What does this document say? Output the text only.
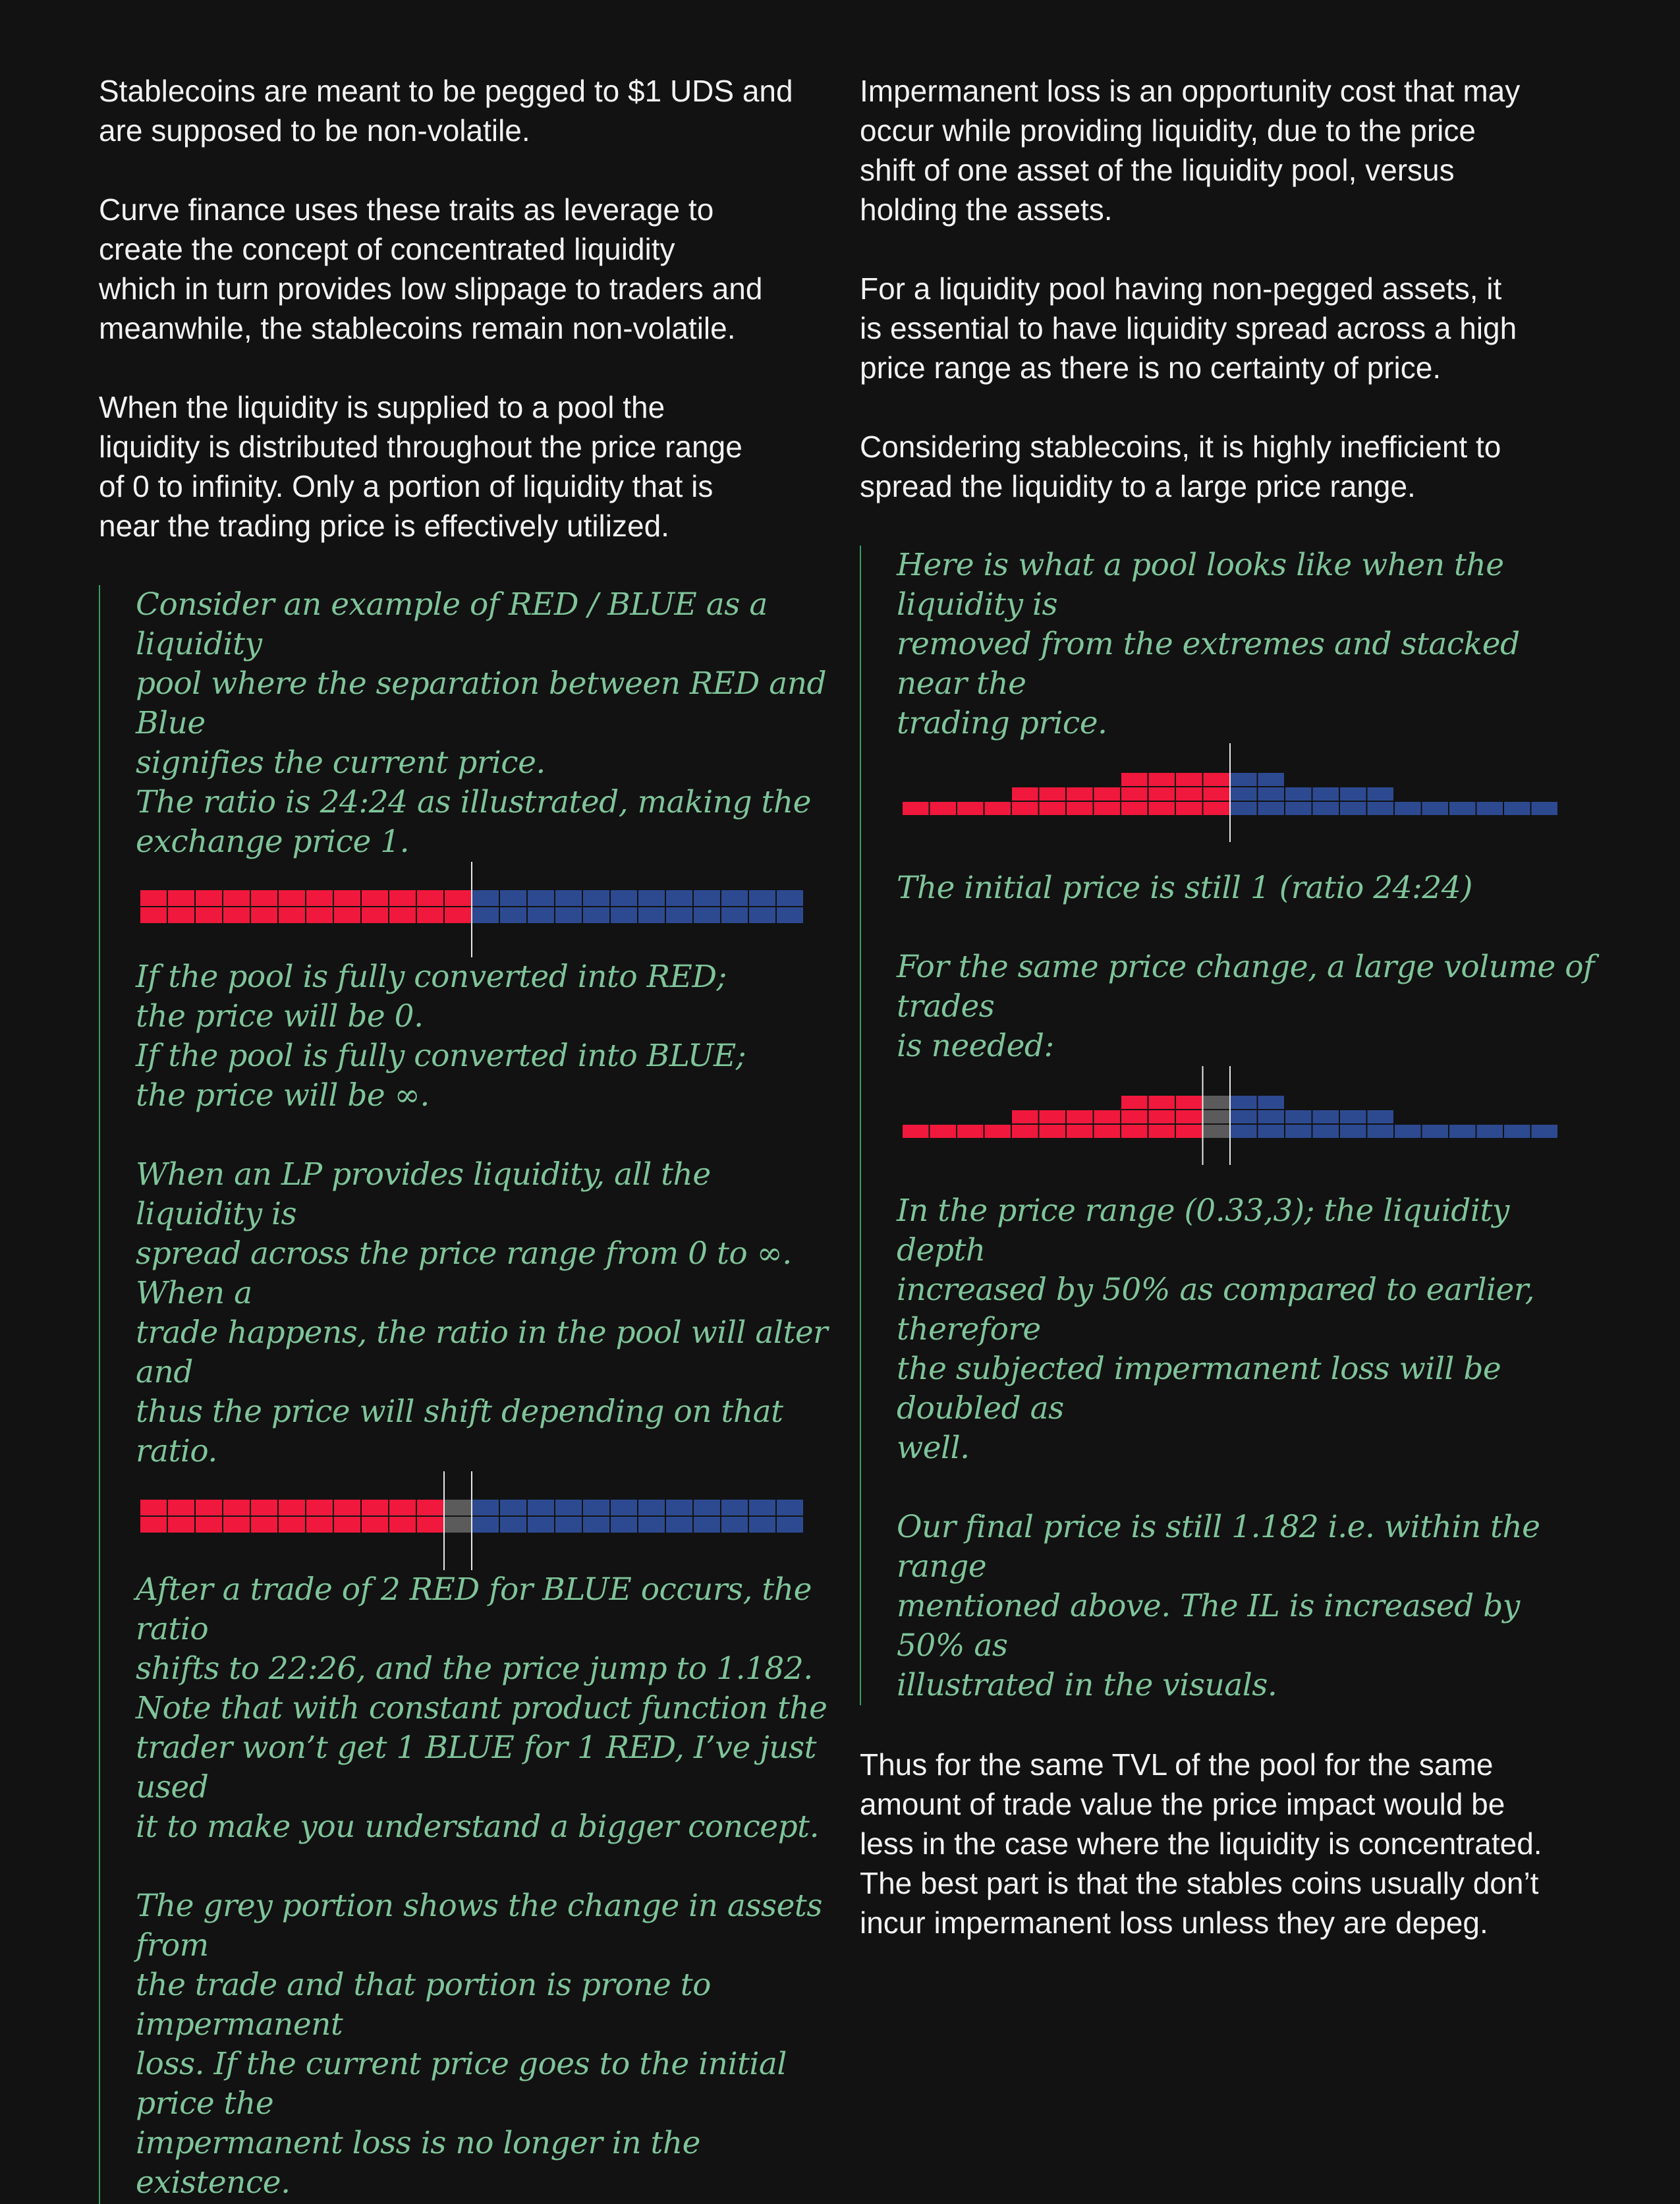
Stablecoins are meant to be pegged to $1 UDS and
are supposed to be non-volatile.

Curve finance uses these traits as leverage to
create the concept of concentrated liquidity
which in turn provides low slippage to traders and
meanwhile, the stablecoins remain non-volatile.

When the liquidity is supplied to a pool the
liquidity is distributed throughout the price range
of 0 to infinity. Only a portion of liquidity that is
near the trading price is effectively utilized.

Consider an example of RED / BLUE as a liquidity
pool where the separation between RED and Blue
signifies the current price.
The ratio is 24:24 as illustrated, making the
exchange price 1.

If the pool is fully converted into RED;
the price will be 0.
If the pool is fully converted into BLUE;
the price will be ∞.

When an LP provides liquidity, all the liquidity is
spread across the price range from 0 to ∞. When a
trade happens, the ratio in the pool will alter and
thus the price will shift depending on that ratio.

After a trade of 2 RED for BLUE occurs, the ratio
shifts to 22:26, and the price jump to 1.182.
Note that with constant product function the
trader won’t get 1 BLUE for 1 RED, I’ve just used
it to make you understand a bigger concept.

The grey portion shows the change in assets from
the trade and that portion is prone to impermanent
loss. If the current price goes to the initial price the
impermanent loss is no longer in the existence.

Impermanent loss is an opportunity cost that may
occur while providing liquidity, due to the price
shift of one asset of the liquidity pool, versus
holding the assets.

For a liquidity pool having non-pegged assets, it
is essential to have liquidity spread across a high
price range as there is no certainty of price.

Considering stablecoins, it is highly inefficient to
spread the liquidity to a large price range.

Here is what a pool looks like when the liquidity is
removed from the extremes and stacked near the
trading price.

The initial price is still 1 (ratio 24:24)

For the same price change, a large volume of trades
is needed:

In the price range (0.33,3); the liquidity depth
increased by 50% as compared to earlier, therefore
the subjected impermanent loss will be doubled as
well.

Our final price is still 1.182 i.e. within the range
mentioned above. The IL is increased by 50% as
illustrated in the visuals.

Thus for the same TVL of the pool for the same
amount of trade value the price impact would be
less in the case where the liquidity is concentrated.
The best part is that the stables coins usually don’t
incur impermanent loss unless they are depeg.
